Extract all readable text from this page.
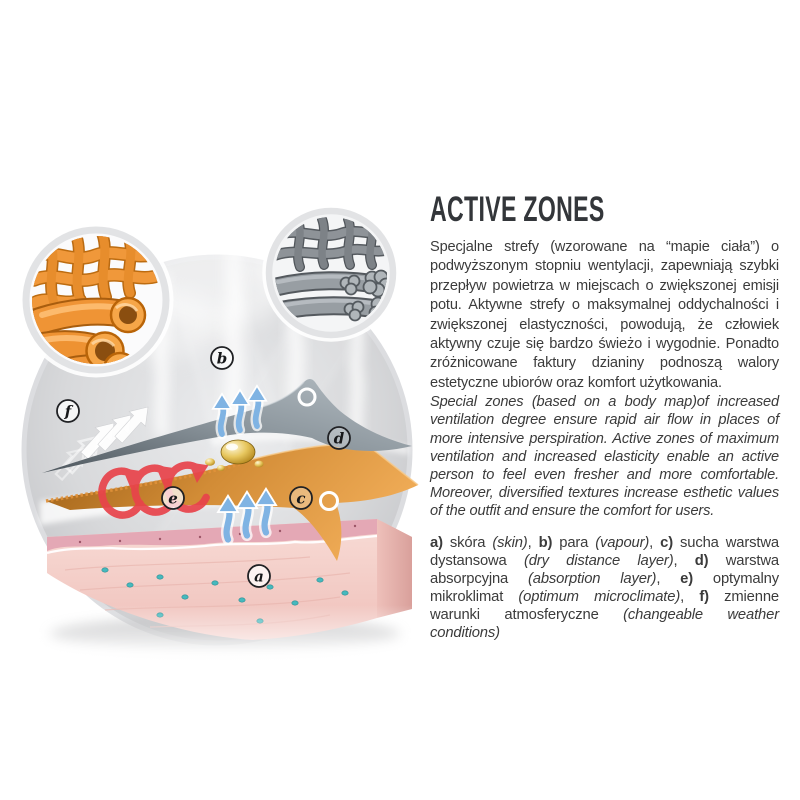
a
b
c
d
e
f
ACTIVE ZONES

Specjalne strefy (wzorowane na “mapie ciała”) o podwyższonym stopniu wentylacji, zapewniają szybki przepływ powietrza w miejscach o zwiększonej emisji potu. Aktywne strefy o maksymalnej oddychalności i zwiększonej elastyczności, powodują, że człowiek aktywny czuje się bardzo świeżo i wygodnie. Ponadto zróżnicowane faktury dzianiny podnoszą walory estetyczne ubiorów oraz komfort użytkowania.

Special zones (based on a body map)of increased ventilation degree ensure rapid air flow in places of more intensive perspiration. Active zones of maximum ventilation and increased elasticity enable an active person to feel even fresher and more comfortable. Moreover, diversified textures increase esthetic values of the outfit and ensure the comfort for users.

a) skóra (skin), b) para (vapour), c) sucha warstwa dystansowa (dry distance layer), d) warstwa absorpcyjna (absorption layer), e) optymalny mikroklimat (optimum microclimate), f) zmienne warunki atmosferyczne (changeable weather conditions)
